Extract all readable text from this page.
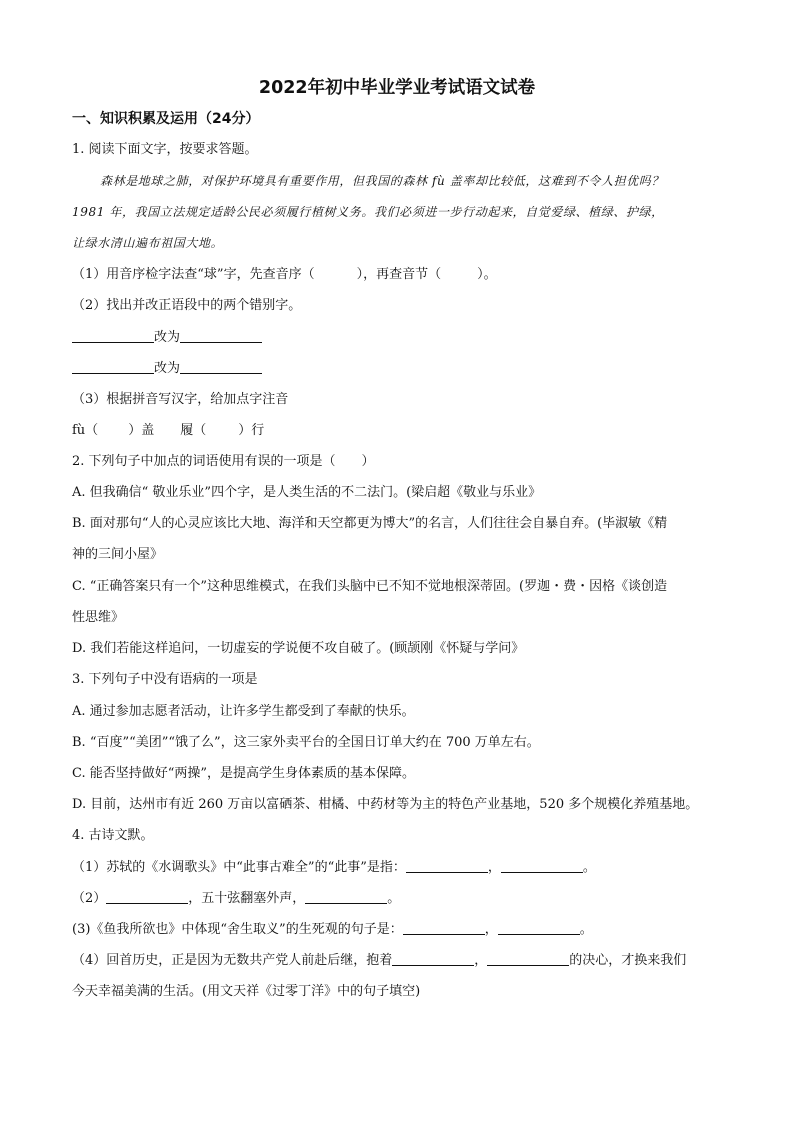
2022年初中毕业学业考试语文试卷
一、知识积累及运用（24分）
1. 阅读下面文字，按要求答题。
森林是地球之肺，对保护环境具有重要作用，但我国的森林 fù 盖率却比较低，这难到不令人担优吗？
1981 年，我国立法规定适龄公民必须履行植树义务。我们必须进一步行动起来，自觉爱绿、植绿、护绿，
让绿水清山遍布祖国大地。
（1）用音序检字法查“球”字，先查音序（	），再查音节（	）。
（2）找出并改正语段中的两个错别字。
改为
改为
（3）根据拼音写汉字，给加点字注音
fù（ ）盖 履（ ）行
2. 下列句子中加点的词语使用有误的一项是（　　）
A. 但我确信“ 敬业乐业”四个字，是人类生活的不二法门。(梁启超《敬业与乐业》
B. 面对那句“人的心灵应该比大地、海洋和天空都更为博大”的名言，人们往往会自暴自弃。(毕淑敏《精
神的三间小屋》
C. “正确答案只有一个”这种思维模式，在我们头脑中已不知不觉地根深蒂固。(罗迦・费・因格《谈创造
性思维》
D. 我们若能这样追问，一切虚妄的学说便不攻自破了。(顾颉刚《怀疑与学问》
3. 下列句子中没有语病的一项是
A. 通过参加志愿者活动，让许多学生都受到了奉献的快乐。
B. “百度”“美团”“饿了么”，这三家外卖平台的全国日订单大约在 700 万单左右。
C. 能否坚持做好“两操”，是提高学生身体素质的基本保障。
D. 目前，达州市有近 260 万亩以富硒茶、柑橘、中药材等为主的特色产业基地，520 多个规模化养殖基地。
4. 古诗文默。
（1）苏轼的《水调歌头》中“此事古难全”的“此事”是指：	，	。
（2）	，五十弦翻塞外声，	。
(3)《鱼我所欲也》中体现“舍生取义”的生死观的句子是：	，	。
（4）回首历史，正是因为无数共产党人前赴后继，抱着	，	的决心，才换来我们
今天幸福美满的生活。(用文天祥《过零丁洋》中的句子填空)
